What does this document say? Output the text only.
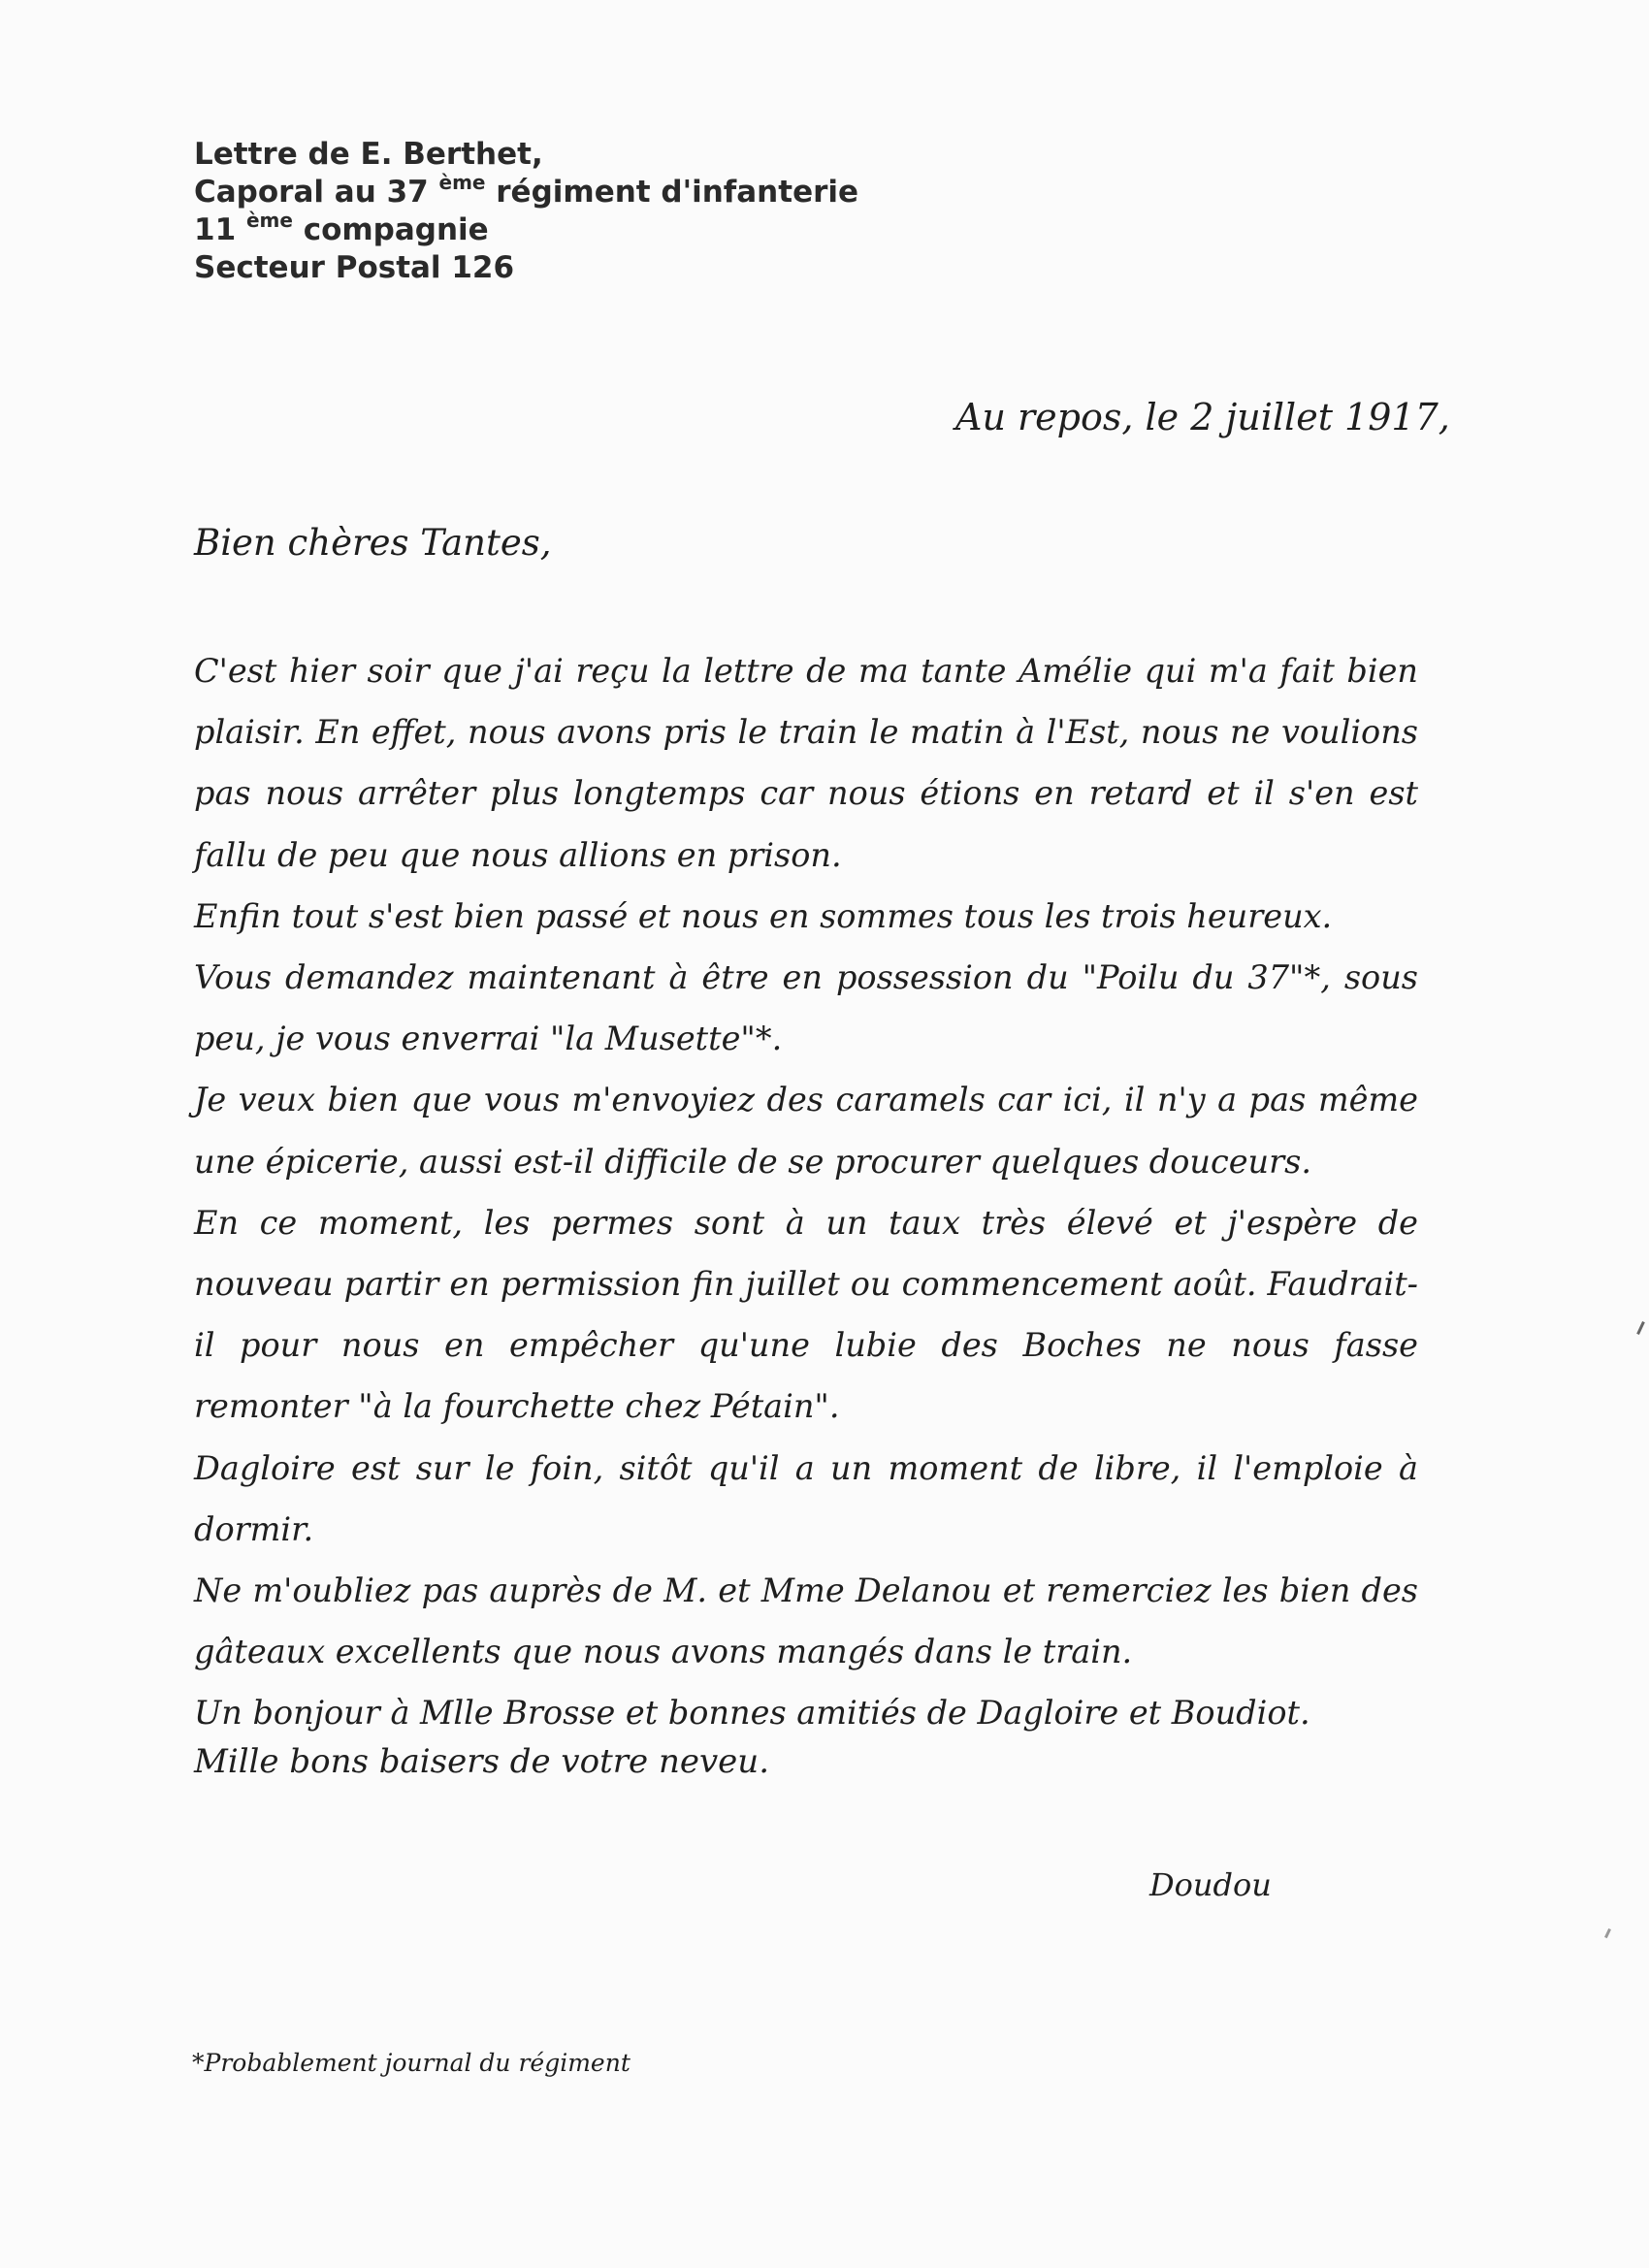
Lettre de E. Berthet,
Caporal au 37 $^{ème}$ régiment d'infanterie
11 $^{ème}$ compagnie
Secteur Postal 126
Au repos, le 2 juillet 1917,
Bien chères Tantes,

C'est hier soir que j'ai reçu la lettre de ma tante Amélie qui m'a fait bien plaisir. En effet, nous avons pris le train le matin à l'Est, nous ne voulions pas nous arrêter plus longtemps car nous étions en retard et il s'en est fallu de peu que nous allions en prison.

Enfin tout s'est bien passé et nous en sommes tous les trois heureux.

Vous demandez maintenant à être en possession du "Poilu du 37"*, sous peu, je vous enverrai "la Musette"*.

Je veux bien que vous m'envoyiez des caramels car ici, il n'y a pas même une épicerie, aussi est-il difficile de se procurer quelques douceurs.

En ce moment, les permes sont à un taux très élevé et j'espère de nouveau partir en permission fin juillet ou commencement août. Faudrait-il pour nous en empêcher qu'une lubie des Boches ne nous fasse remonter "à la fourchette chez Pétain".

Dagloire est sur le foin, sitôt qu'il a un moment de libre, il l'emploie à dormir.

Ne m'oubliez pas auprès de M. et Mme Delanou et remerciez les bien des gâteaux excellents que nous avons mangés dans le train.

Un bonjour à Mlle Brosse et bonnes amitiés de Dagloire et Boudiot.

Mille bons baisers de votre neveu.
Doudou
*Probablement journal du régiment
